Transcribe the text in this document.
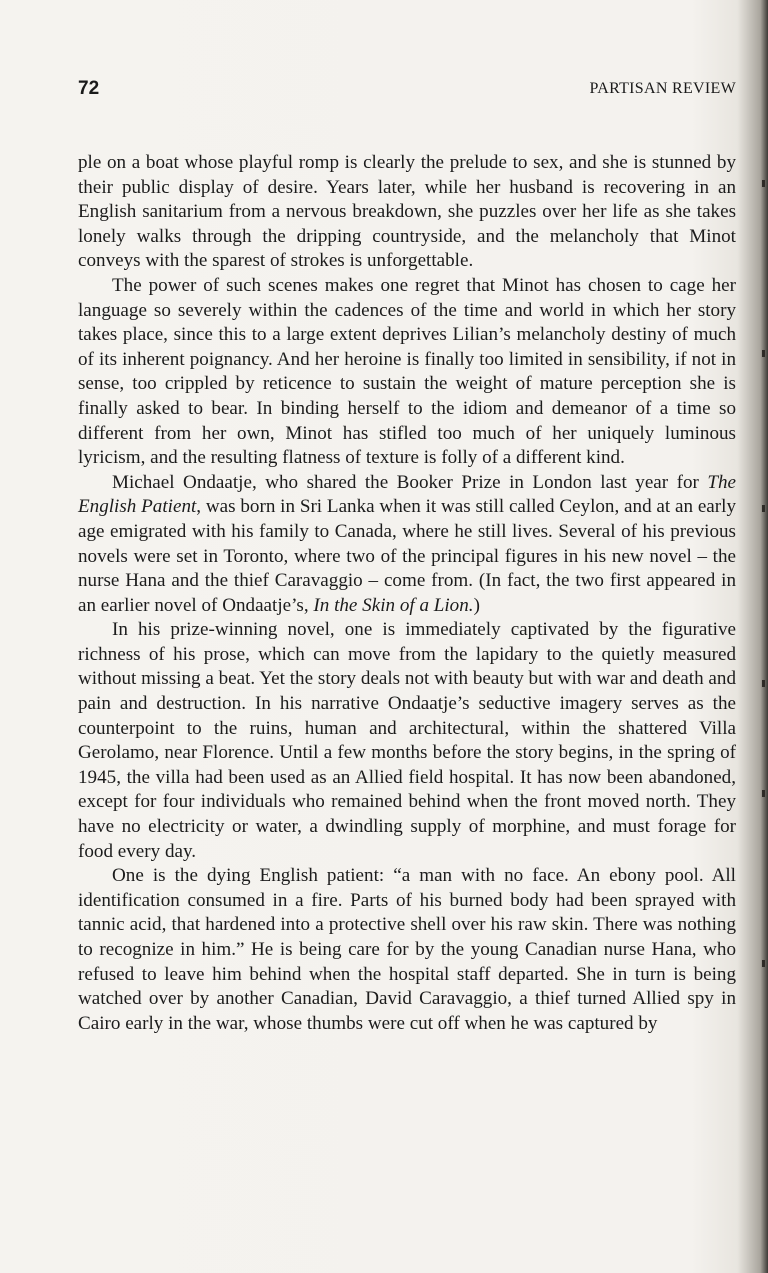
72	PARTISAN REVIEW

ple on a boat whose playful romp is clearly the prelude to sex, and she is stunned by their public display of desire. Years later, while her husband is recovering in an English sanitarium from a nervous breakdown, she puzzles over her life as she takes lonely walks through the dripping countryside, and the melancholy that Minot conveys with the sparest of strokes is unforgettable.

The power of such scenes makes one regret that Minot has chosen to cage her language so severely within the cadences of the time and world in which her story takes place, since this to a large extent deprives Lilian’s melancholy destiny of much of its inherent poignancy. And her heroine is finally too limited in sensibility, if not in sense, too crippled by reticence to sustain the weight of mature perception she is finally asked to bear. In binding herself to the idiom and demeanor of a time so different from her own, Minot has stifled too much of her uniquely luminous lyricism, and the resulting flatness of texture is folly of a different kind.

Michael Ondaatje, who shared the Booker Prize in London last year for The English Patient, was born in Sri Lanka when it was still called Ceylon, and at an early age emigrated with his family to Canada, where he still lives. Several of his previous novels were set in Toronto, where two of the principal figures in his new novel – the nurse Hana and the thief Caravaggio – come from. (In fact, the two first appeared in an earlier novel of Ondaatje’s, In the Skin of a Lion.)

In his prize-winning novel, one is immediately captivated by the figurative richness of his prose, which can move from the lapidary to the quietly measured without missing a beat. Yet the story deals not with beauty but with war and death and pain and destruction. In his narrative Ondaatje’s seductive imagery serves as the counterpoint to the ruins, human and architectural, within the shattered Villa Gerolamo, near Florence. Until a few months before the story begins, in the spring of 1945, the villa had been used as an Allied field hospital. It has now been abandoned, except for four individuals who remained behind when the front moved north. They have no electricity or water, a dwindling supply of morphine, and must forage for food every day.

One is the dying English patient: “a man with no face. An ebony pool. All identification consumed in a fire. Parts of his burned body had been sprayed with tannic acid, that hardened into a protective shell over his raw skin. There was nothing to recognize in him.” He is being care for by the young Canadian nurse Hana, who refused to leave him behind when the hospital staff departed. She in turn is being watched over by another Canadian, David Caravaggio, a thief turned Allied spy in Cairo early in the war, whose thumbs were cut off when he was captured by
